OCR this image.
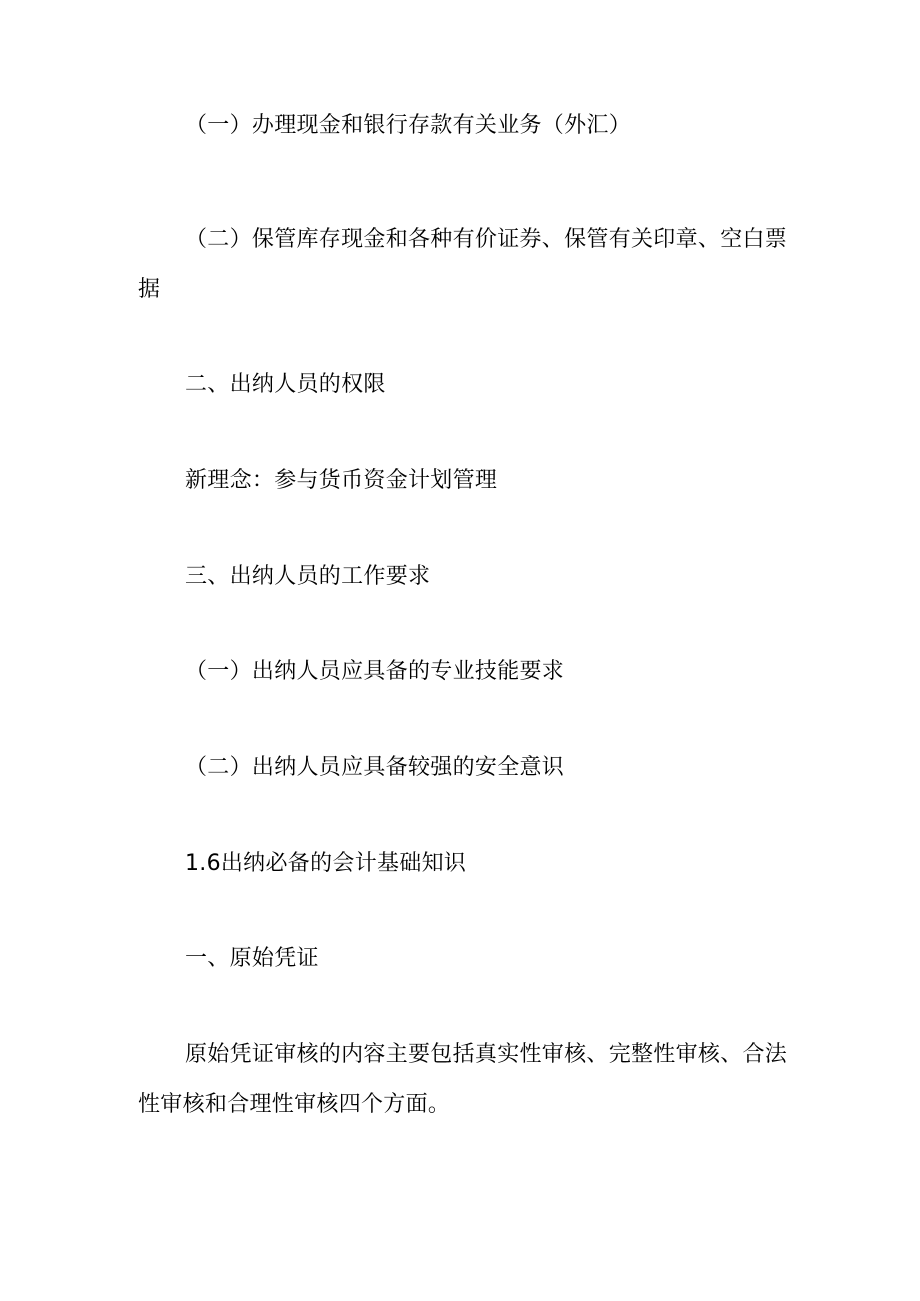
（一）办理现金和银行存款有关业务（外汇）

（二）保管库存现金和各种有价证券、保管有关印章、空白票据

二、出纳人员的权限

新理念：参与货币资金计划管理

三、出纳人员的工作要求

（一）出纳人员应具备的专业技能要求

（二）出纳人员应具备较强的安全意识

1.6出纳必备的会计基础知识

一、原始凭证

原始凭证审核的内容主要包括真实性审核、完整性审核、合法性审核和合理性审核四个方面。
